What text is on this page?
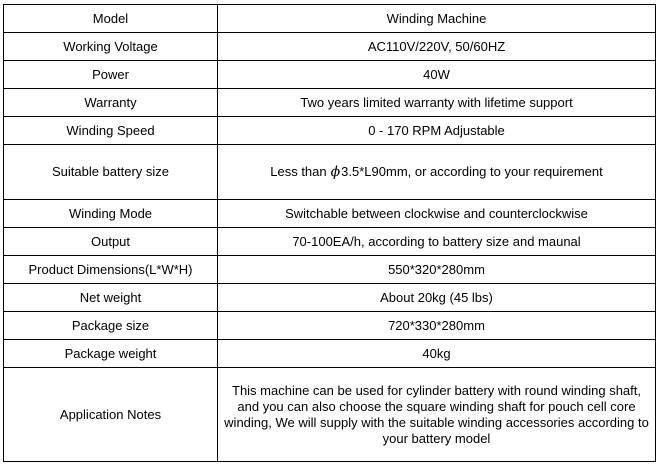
Model	Winding Machine
Working Voltage	AC110V/220V, 50/60HZ
Power	40W
Warranty	Two years limited warranty with lifetime support
Winding Speed	0 - 170 RPM Adjustable
Suitable battery size	Less than ϕ3.5*L90mm, or according to your requirement
Winding Mode	Switchable between clockwise and counterclockwise
Output	70-100EA/h, according to battery size and maunal
Product Dimensions(L*W*H)	550*320*280mm
Net weight	About 20kg (45 lbs)
Package size	720*330*280mm
Package weight	40kg
Application Notes	This machine can be used for cylinder battery with round winding shaft, and you can also choose the square winding shaft for pouch cell core winding, We will supply with the suitable winding accessories according to your battery model
